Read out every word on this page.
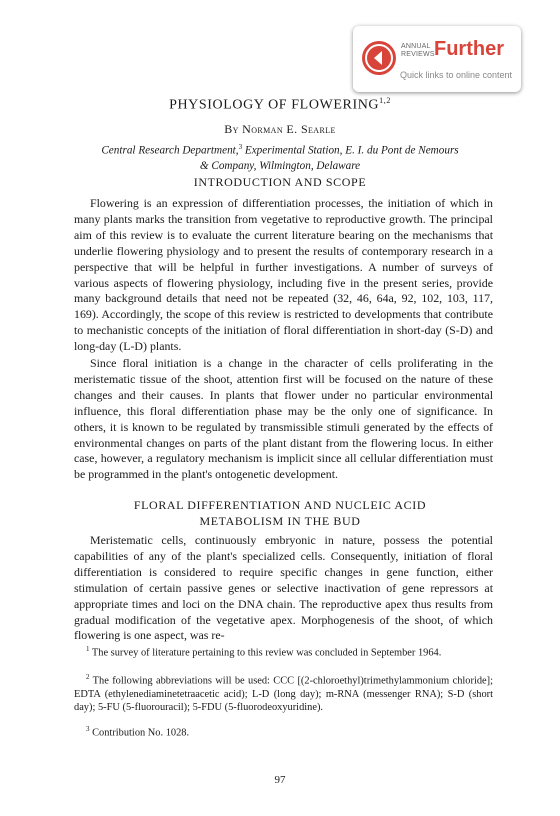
ANNUAL REVIEWS Further
Quick links to online content
PHYSIOLOGY OF FLOWERING$^{1,2}$
By Norman E. Searle
Central Research Department,$^3$ Experimental Station, E. I. du Pont de Nemours
& Company, Wilmington, Delaware
INTRODUCTION AND SCOPE

Flowering is an expression of differentiation processes, the initiation of which in many plants marks the transition from vegetative to reproductive growth. The principal aim of this review is to evaluate the current literature bearing on the mechanisms that underlie flowering physiology and to present the results of contemporary research in a perspective that will be helpful in further investigations. A number of surveys of various aspects of flowering physiology, including five in the present series, provide many background details that need not be repeated (32, 46, 64a, 92, 102, 103, 117, 169). Accordingly, the scope of this review is restricted to developments that contribute to mechanistic concepts of the initiation of floral differentiation in short-day (S-D) and long-day (L-D) plants.

Since floral initiation is a change in the character of cells proliferating in the meristematic tissue of the shoot, attention first will be focused on the nature of these changes and their causes. In plants that flower under no particular environmental influence, this floral differentiation phase may be the only one of significance. In others, it is known to be regulated by transmissible stimuli generated by the effects of environmental changes on parts of the plant distant from the flowering locus. In either case, however, a regulatory mechanism is implicit since all cellular differentiation must be programmed in the plant's ontogenetic development.

FLORAL DIFFERENTIATION AND NUCLEIC ACID
METABOLISM IN THE BUD

Meristematic cells, continuously embryonic in nature, possess the potential capabilities of any of the plant's specialized cells. Consequently, initiation of floral differentiation is considered to require specific changes in gene function, either stimulation of certain passive genes or selective inactivation of gene repressors at appropriate times and loci on the DNA chain. The reproductive apex thus results from gradual modification of the vegetative apex. Morphogenesis of the shoot, of which flowering is one aspect, was re-

$^1$ The survey of literature pertaining to this review was concluded in September 1964.

$^2$ The following abbreviations will be used: CCC [(2-chloroethyl)trimethylammonium chloride]; EDTA (ethylenediaminetetraacetic acid); L-D (long day); m-RNA (messenger RNA); S-D (short day); 5-FU (5-fluorouracil); 5-FDU (5-fluorodeoxyuridine).

$^3$ Contribution No. 1028.

97
